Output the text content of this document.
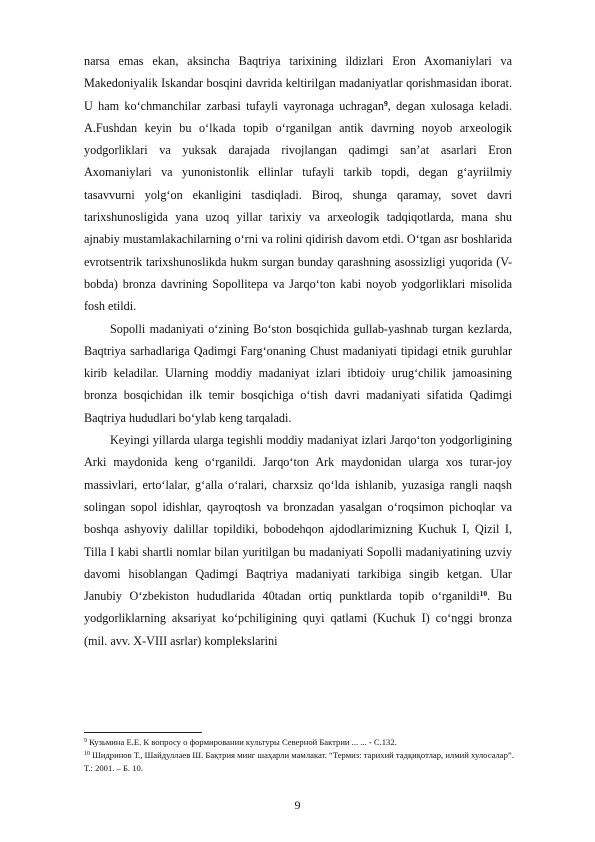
narsa emas ekan, aksincha Baqtriya tarixining ildizlari Eron Axomaniylari va Makedoniyalik Iskandar bosqini davrida keltirilgan madaniyatlar qorishmasidan iborat. U ham ko‘chmanchilar zarbasi tufayli vayronaga uchragan$^9$, degan xulosaga keladi. A.Fushdan keyin bu o‘lkada topib o‘rganilgan antik davrning noyob arxeologik yodgorliklari va yuksak darajada rivojlangan qadimgi san’at asarlari Eron Axomaniylari va yunonistonlik ellinlar tufayli tarkib topdi, degan g‘ayriilmiy tasavvurni yolg‘on ekanligini tasdiqladi. Biroq, shunga qaramay, sovet davri tarixshunosligida yana uzoq yillar tarixiy va arxeologik tadqiqotlarda, mana shu ajnabiy mustamlakachilarning o‘rni va rolini qidirish davom etdi. O‘tgan asr boshlarida evrotsentrik tarixshunoslikda hukm surgan bunday qarashning asossizligi yuqorida (V-bobda) bronza davrining Sopollitepa va Jarqo‘ton kabi noyob yodgorliklari misolida fosh etildi.

Sopolli madaniyati o‘zining Bo‘ston bosqichida gullab-yashnab turgan kezlarda, Baqtriya sarhadlariga Qadimgi Farg‘onaning Chust madaniyati tipidagi etnik guruhlar kirib keladilar. Ularning moddiy madaniyat izlari ibtidoiy urug‘chilik jamoasining bronza bosqichidan ilk temir bosqichiga o‘tish davri madaniyati sifatida Qadimgi Baqtriya hududlari bo‘ylab keng tarqaladi.

Keyingi yillarda ularga tegishli moddiy madaniyat izlari Jarqo‘ton yodgorligining Arki maydonida keng o‘rganildi. Jarqo‘ton Ark maydonidan ularga xos turar-joy massivlari, erto‘lalar, g‘alla o‘ralari, charxsiz qo‘lda ishlanib, yuzasiga rangli naqsh solingan sopol idishlar, qayroqtosh va bronzadan yasalgan o‘roqsimon pichoqlar va boshqa ashyoviy dalillar topildiki, bobodehqon ajdodlarimizning Kuchuk I, Qizil I, Tilla I kabi shartli nomlar bilan yuritilgan bu madaniyati Sopolli madaniyatining uzviy davomi hisoblangan Qadimgi Baqtriya madaniyati tarkibiga singib ketgan. Ular Janubiy O‘zbekiston hududlarida 40tadan ortiq punktlarda topib o‘rganildi$^{10}$. Bu yodgorliklarning aksariyat ko‘pchiligining quyi qatlami (Kuchuk I) co‘nggi bronza (mil. avv. X-VIII asrlar) komplekslarini

$^9$ Кузьмина Е.Е. К вопросу о формировании культуры Северной Бактрии ... ... - С.132.

$^{10}$ Шидринов Т., Шайдуллаев Ш. Бақтрия минг шаҳарли мамлакат. “Термиз: тарихий тадқиқотлар, илмий хулосалар”. Т.: 2001. – Б. 10.

9
